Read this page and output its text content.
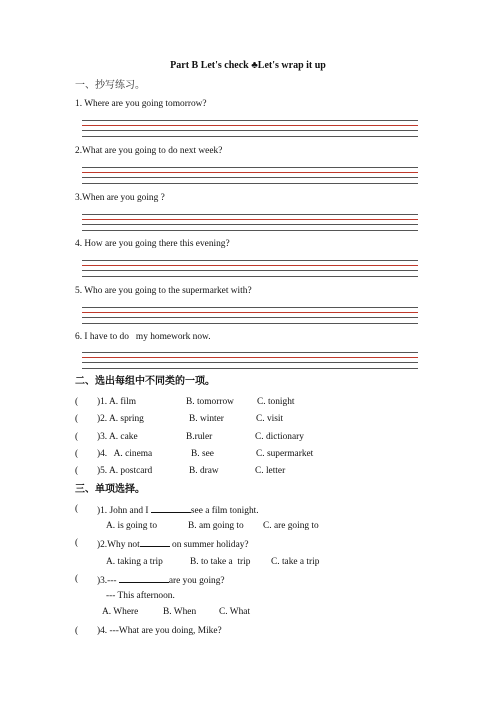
Part B Let's check ♣Let's wrap it up
一、抄写练习。
1. Where are you going tomorrow?
2.What are you going to do next week?
3.When are you going ?
4. How are you going there this evening?
5. Who are you going to the supermarket with?
6. I have to do   my homework now.
二、选出每组中不同类的一项。
( )1. A. film	B. tomorrow C. tonight
( )2. A. spring	B. winter	C. visit
( )3. A. cake	B.ruler	C. dictionary
( )4.   A. cinema	B. see	C. supermarket
( )5. A. postcard	B. draw	C. letter
三、单项选择。
( )1. John and I	see a film tonight.
A. is going to	B. am going to C. are going to
( )2.Why not	on summer holiday?
A. taking a trip	B. to take a  trip C. take a trip
( )3.---	are you going?
--- This afternoon.
A. Where	B. When C. What
( )4. ---What are you doing, Mike?
